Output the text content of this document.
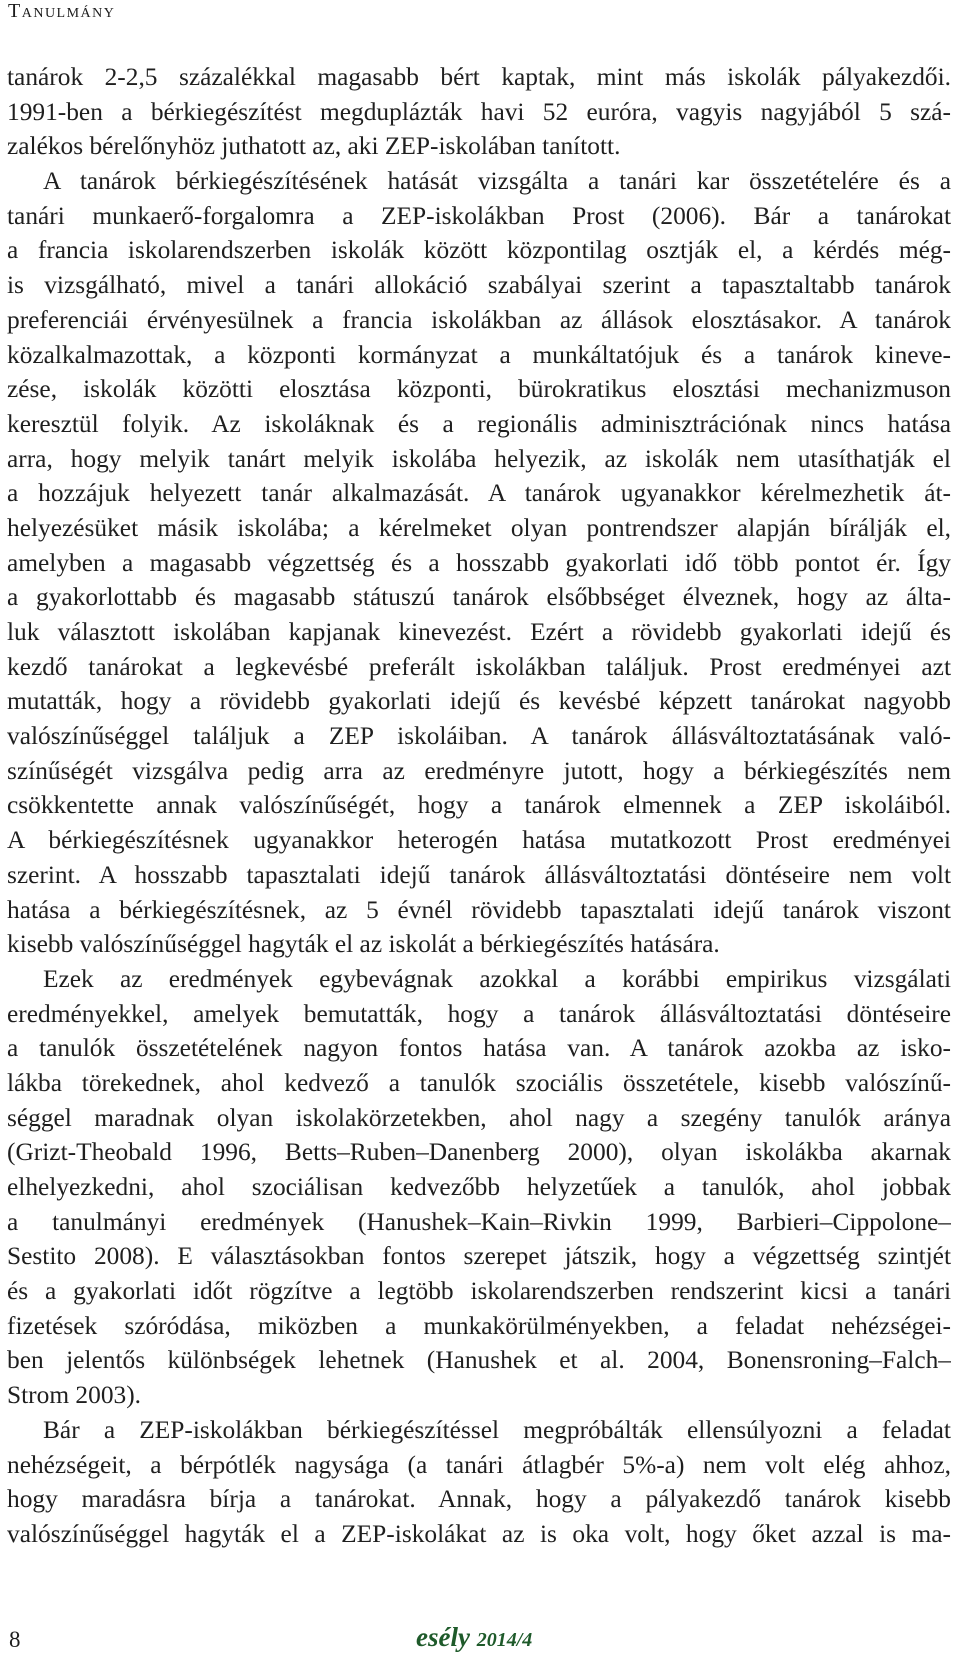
Tanulmány
tanárok 2-2,5 százalékkal magasabb bért kaptak, mint más iskolák pályakezdői.
1991-ben a bérkiegészítést megduplázták havi 52 euróra, vagyis nagyjából 5 szá-
zalékos bérelőnyhöz juthatott az, aki ZEP-iskolában tanított.
A tanárok bérkiegészítésének hatását vizsgálta a tanári kar összetételére és a
tanári munkaerő-forgalomra a ZEP-iskolákban Prost (2006). Bár a tanárokat
a francia iskolarendszerben iskolák között központilag osztják el, a kérdés még-
is vizsgálható, mivel a tanári allokáció szabályai szerint a tapasztaltabb tanárok
preferenciái érvényesülnek a francia iskolákban az állások elosztásakor. A tanárok
közalkalmazottak, a központi kormányzat a munkáltatójuk és a tanárok kineve-
zése, iskolák közötti elosztása központi, bürokratikus elosztási mechanizmuson
keresztül folyik. Az iskoláknak és a regionális adminisztrációnak nincs hatása
arra, hogy melyik tanárt melyik iskolába helyezik, az iskolák nem utasíthatják el
a hozzájuk helyezett tanár alkalmazását. A tanárok ugyanakkor kérelmezhetik át-
helyezésüket másik iskolába; a kérelmeket olyan pontrendszer alapján bírálják el,
amelyben a magasabb végzettség és a hosszabb gyakorlati idő több pontot ér. Így
a gyakorlottabb és magasabb státuszú tanárok elsőbbséget élveznek, hogy az álta-
luk választott iskolában kapjanak kinevezést. Ezért a rövidebb gyakorlati idejű és
kezdő tanárokat a legkevésbé preferált iskolákban találjuk. Prost eredményei azt
mutatták, hogy a rövidebb gyakorlati idejű és kevésbé képzett tanárokat nagyobb
valószínűséggel találjuk a ZEP iskoláiban. A tanárok állásváltoztatásának való-
színűségét vizsgálva pedig arra az eredményre jutott, hogy a bérkiegészítés nem
csökkentette annak valószínűségét, hogy a tanárok elmennek a ZEP iskoláiból.
A bérkiegészítésnek ugyanakkor heterogén hatása mutatkozott Prost eredményei
szerint. A hosszabb tapasztalati idejű tanárok állásváltoztatási döntéseire nem volt
hatása a bérkiegészítésnek, az 5 évnél rövidebb tapasztalati idejű tanárok viszont
kisebb valószínűséggel hagyták el az iskolát a bérkiegészítés hatására.
Ezek az eredmények egybevágnak azokkal a korábbi empirikus vizsgálati
eredményekkel, amelyek bemutatták, hogy a tanárok állásváltoztatási döntéseire
a tanulók összetételének nagyon fontos hatása van. A tanárok azokba az isko-
lákba törekednek, ahol kedvező a tanulók szociális összetétele, kisebb valószínű-
séggel maradnak olyan iskolakörzetekben, ahol nagy a szegény tanulók aránya
(Grizt-Theobald 1996, Betts–Ruben–Danenberg 2000), olyan iskolákba akarnak
elhelyezkedni, ahol szociálisan kedvezőbb helyzetűek a tanulók, ahol jobbak
a tanulmányi eredmények (Hanushek–Kain–Rivkin 1999, Barbieri–Cippolone–
Sestito 2008). E választásokban fontos szerepet játszik, hogy a végzettség szintjét
és a gyakorlati időt rögzítve a legtöbb iskolarendszerben rendszerint kicsi a tanári
fizetések szóródása, miközben a munkakörülményekben, a feladat nehézségei-
ben jelentős különbségek lehetnek (Hanushek et al. 2004, Bonensroning–Falch–
Strom 2003).
Bár a ZEP-iskolákban bérkiegészítéssel megpróbálták ellensúlyozni a feladat
nehézségeit, a bérpótlék nagysága (a tanári átlagbér 5%-a) nem volt elég ahhoz,
hogy maradásra bírja a tanárokat. Annak, hogy a pályakezdő tanárok kisebb
valószínűséggel hagyták el a ZEP-iskolákat az is oka volt, hogy őket azzal is ma-
8	esély 2014/4
